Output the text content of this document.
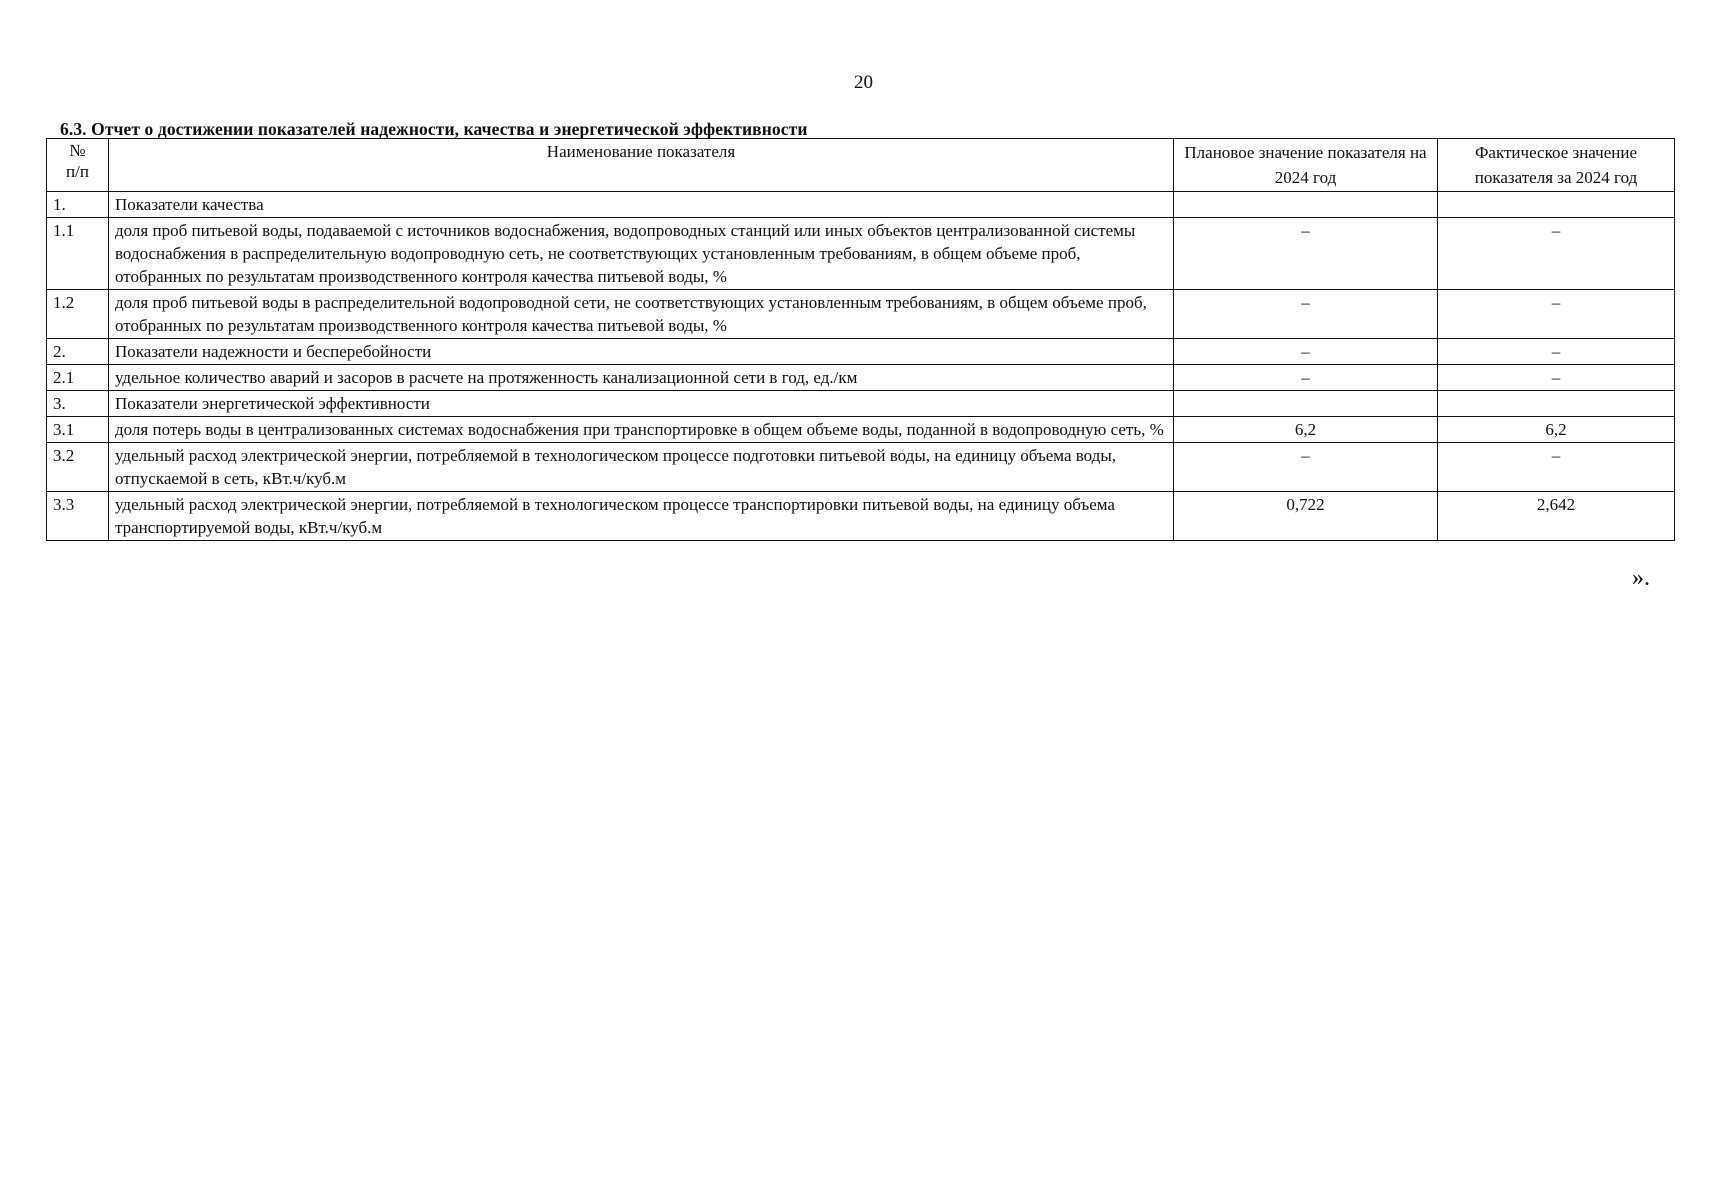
20
6.3. Отчет о достижении показателей надежности, качества и энергетической эффективности
№
п/п	Наименование показателя	Плановое значение показателя на 2024 год	Фактическое значение показателя за 2024 год
1.	Показатели качества		
1.1	доля проб питьевой воды, подаваемой с источников водоснабжения, водопроводных станций или иных объектов централизованной системы водоснабжения в распределительную водопроводную сеть, не соответствующих установленным требованиям, в общем объеме проб, отобранных по результатам производственного контроля качества питьевой воды, %	–	–
1.2	доля проб питьевой воды в распределительной водопроводной сети, не соответствующих установленным требованиям, в общем объеме проб, отобранных по результатам производственного контроля качества питьевой воды, %	–	–
2.	Показатели надежности и бесперебойности	–	–
2.1	удельное количество аварий и засоров в расчете на протяженность канализационной сети в год, ед./км	–	–
3.	Показатели энергетической эффективности		
3.1	доля потерь воды в централизованных системах водоснабжения при транспортировке в общем объеме воды, поданной в водопроводную сеть, %	6,2	6,2
3.2	удельный расход электрической энергии, потребляемой в технологическом процессе подготовки питьевой воды, на единицу объема воды, отпускаемой в сеть, кВт.ч/куб.м	–	–
3.3	удельный расход электрической энергии, потребляемой в технологическом процессе транспортировки питьевой воды, на единицу объема транспортируемой воды, кВт.ч/куб.м	0,722	2,642
».
